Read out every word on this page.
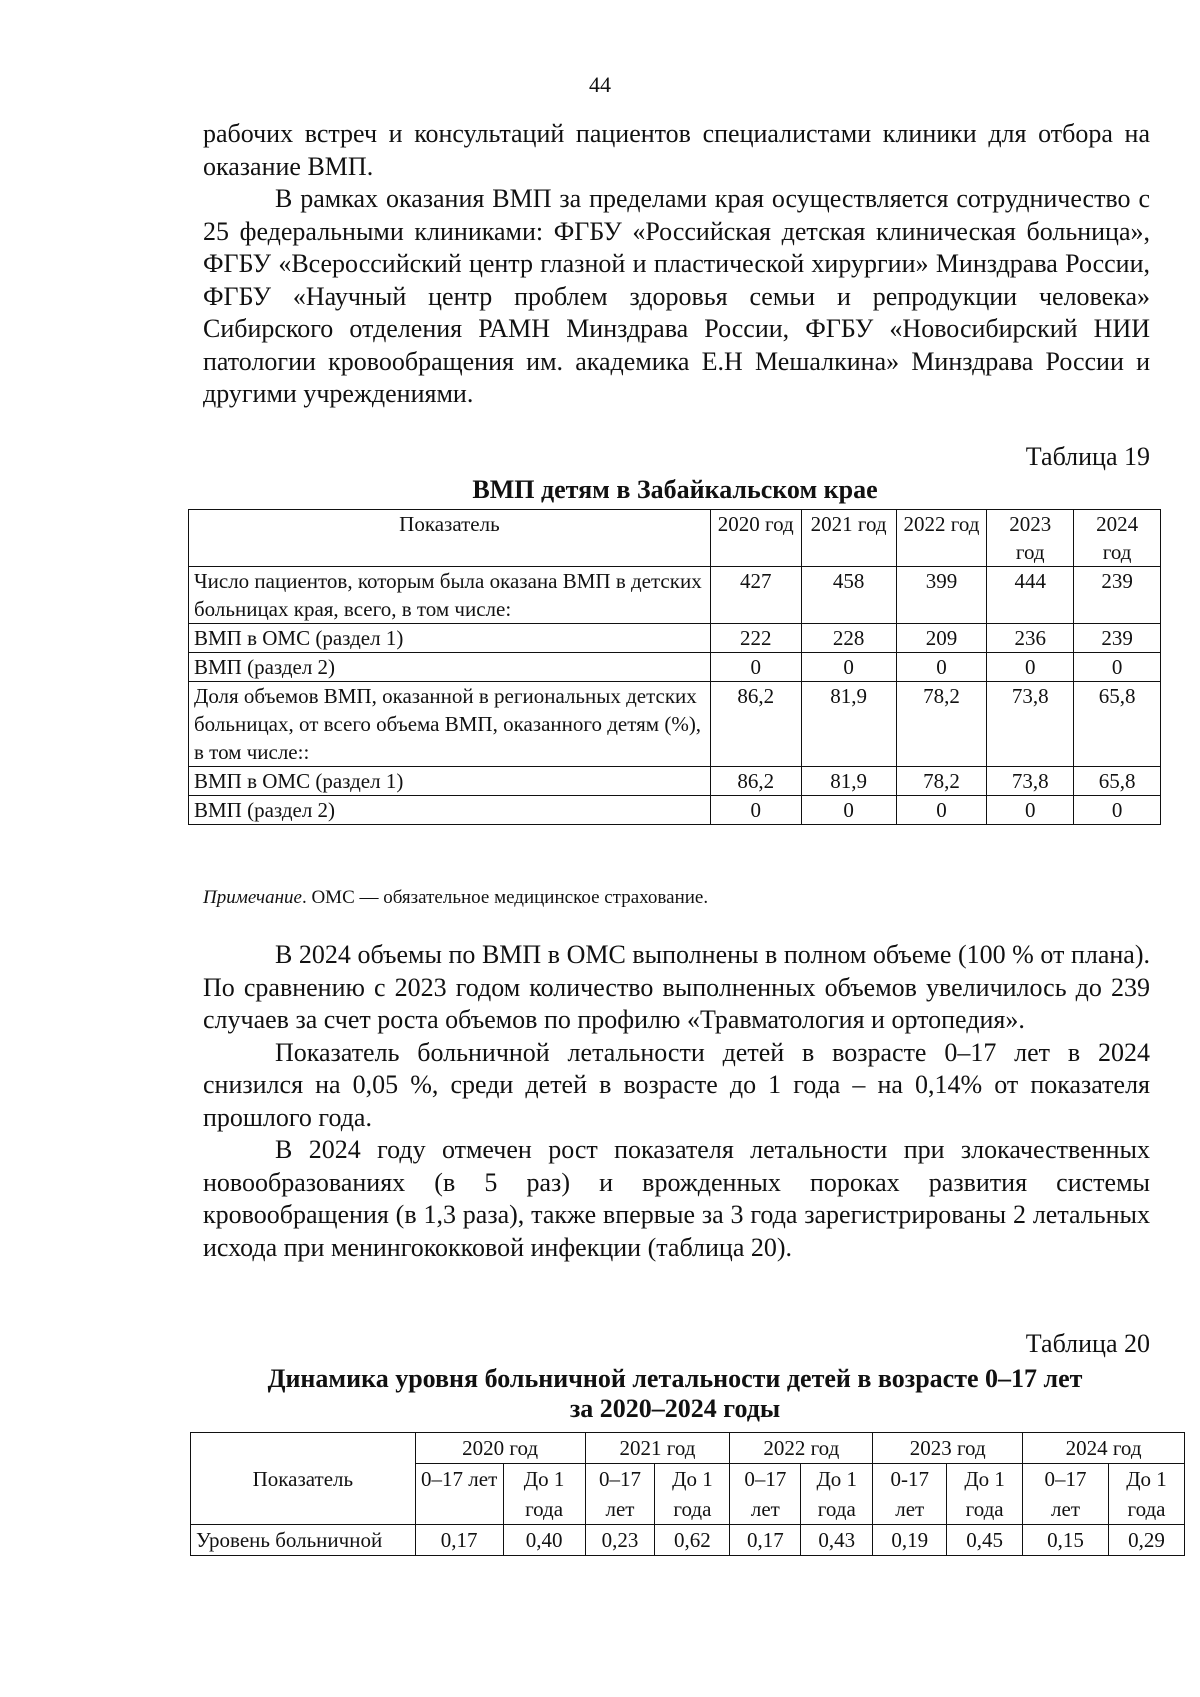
44

рабочих встреч и консультаций пациентов специалистами клиники для отбора на оказание ВМП.

В рамках оказания ВМП за пределами края осуществляется сотрудничество с 25 федеральными клиниками: ФГБУ «Российская детская клиническая больница», ФГБУ «Всероссийский центр глазной и пластической хирургии» Минздрава России, ФГБУ «Научный центр проблем здоровья семьи и репродукции человека» Сибирского отделения РАМН Минздрава России, ФГБУ «Новосибирский НИИ патологии кровообращения им. академика Е.Н Мешалкина» Минздрава России и другими учреждениями.

Таблица 19
ВМП детям в Забайкальском крае
Показатель	2020 год	2021 год	2022 год	2023 год	2024 год
Число пациентов, которым была оказана ВМП в детских больницах края, всего, в том числе:	427	458	399	444	239
ВМП в ОМС (раздел 1)	222	228	209	236	239
ВМП (раздел 2)	0	0	0	0	0
Доля объемов ВМП, оказанной в региональных детских больницах, от всего объема ВМП, оказанного детям (%), в том числе::	86,2	81,9	78,2	73,8	65,8
ВМП в ОМС (раздел 1)	86,2	81,9	78,2	73,8	65,8
ВМП (раздел 2)	0	0	0	0	0
Примечание. ОМС — обязательное медицинское страхование.

В 2024 объемы по ВМП в ОМС выполнены в полном объеме (100 % от плана). По сравнению с 2023 годом количество выполненных объемов увеличилось до 239 случаев за счет роста объемов по профилю «Травматология и ортопедия».

Показатель больничной летальности детей в возрасте 0–17 лет в 2024 снизился на 0,05 %, среди детей в возрасте до 1 года – на 0,14% от показателя прошлого года.

В 2024 году отмечен рост показателя летальности при злокачественных новообразованиях (в 5 раз) и врожденных пороках развития системы кровообращения (в 1,3 раза), также впервые за 3 года зарегистрированы 2 летальных исхода при менингококковой инфекции (таблица 20).

Таблица 20
Динамика уровня больничной летальности детей в возрасте 0–17 лет
за 2020–2024 годы
Показатель	2020 год		2021 год		2022 год		2023 год		2024 год	
	0–17 лет	До 1 года	0–17 лет	До 1 года	0–17 лет	До 1 года	0-17 лет	До 1 года	0–17 лет	До 1 года
Уровень больничной	0,17	0,40	0,23	0,62	0,17	0,43	0,19	0,45	0,15	0,29
